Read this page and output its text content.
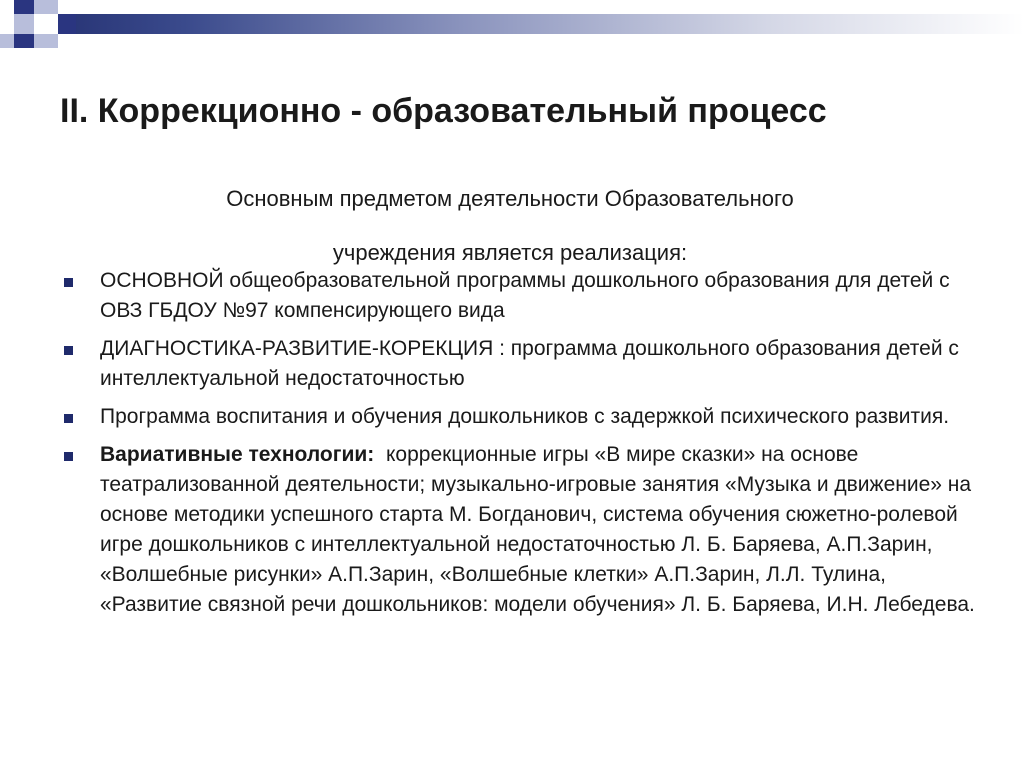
II. Коррекционно - образовательный процесс
Основным предметом деятельности Образовательного
учреждения является реализация:
ОСНОВНОЙ общеобразовательной программы дошкольного образования для детей с ОВЗ ГБДОУ №97 компенсирующего вида
ДИАГНОСТИКА-РАЗВИТИЕ-КОРЕКЦИЯ : программа дошкольного образования детей с интеллектуальной недостаточностью
Программа воспитания и обучения дошкольников с задержкой психического развития.
Вариативные технологии:  коррекционные игры «В мире сказки» на основе театрализованной деятельности; музыкально-игровые занятия «Музыка и движение» на основе методики успешного старта М. Богданович, система обучения сюжетно-ролевой игре дошкольников с интеллектуальной недостаточностью Л. Б. Баряева, А.П.Зарин, «Волшебные рисунки» А.П.Зарин, «Волшебные клетки» А.П.Зарин, Л.Л. Тулина, «Развитие связной речи дошкольников: модели обучения» Л. Б. Баряева, И.Н. Лебедева.
